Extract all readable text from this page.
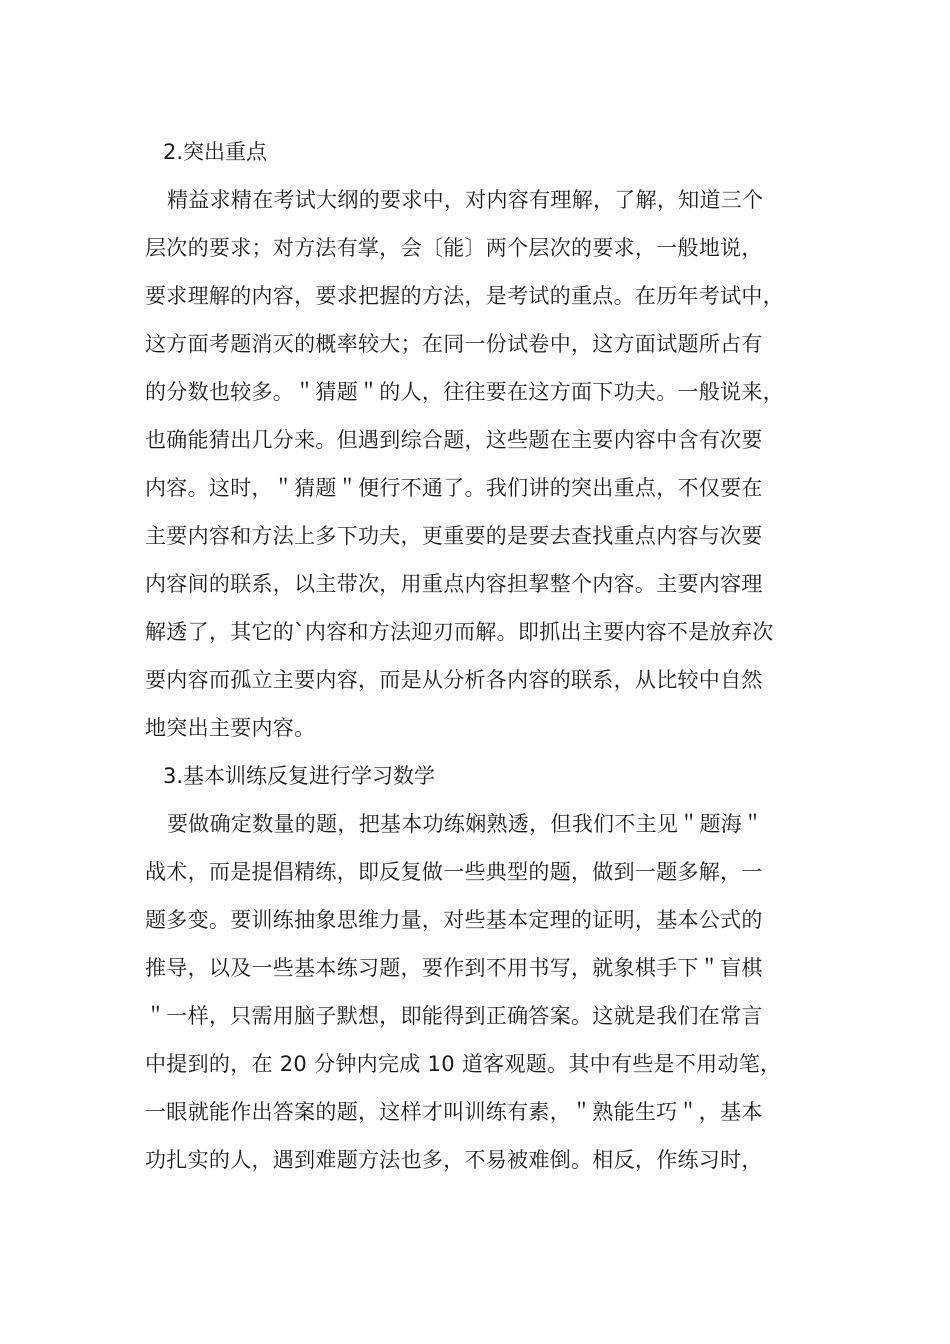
2.突出重点
精益求精在考试大纲的要求中，对内容有理解，了解，知道三个
层次的要求；对方法有掌，会〔能〕两个层次的要求，一般地说，
要求理解的内容，要求把握的方法，是考试的重点。在历年考试中，
这方面考题消灭的概率较大；在同一份试卷中，这方面试题所占有
的分数也较多。＂猜题＂的人，往往要在这方面下功夫。一般说来，
也确能猜出几分来。但遇到综合题，这些题在主要内容中含有次要
内容。这时，＂猜题＂便行不通了。我们讲的突出重点，不仅要在
主要内容和方法上多下功夫，更重要的是要去查找重点内容与次要
内容间的联系，以主带次，用重点内容担挈整个内容。主要内容理
解透了，其它的`内容和方法迎刃而解。即抓出主要内容不是放弃次
要内容而孤立主要内容，而是从分析各内容的联系，从比较中自然
地突出主要内容。
3.基本训练反复进行学习数学
要做确定数量的题，把基本功练娴熟透，但我们不主见＂题海＂
战术，而是提倡精练，即反复做一些典型的题，做到一题多解，一
题多变。要训练抽象思维力量，对些基本定理的证明，基本公式的
推导，以及一些基本练习题，要作到不用书写，就象棋手下＂盲棋
＂一样，只需用脑子默想，即能得到正确答案。这就是我们在常言
中提到的，在 20 分钟内完成 10 道客观题。其中有些是不用动笔，
一眼就能作出答案的题，这样才叫训练有素，＂熟能生巧＂，基本
功扎实的人，遇到难题方法也多，不易被难倒。相反，作练习时，
